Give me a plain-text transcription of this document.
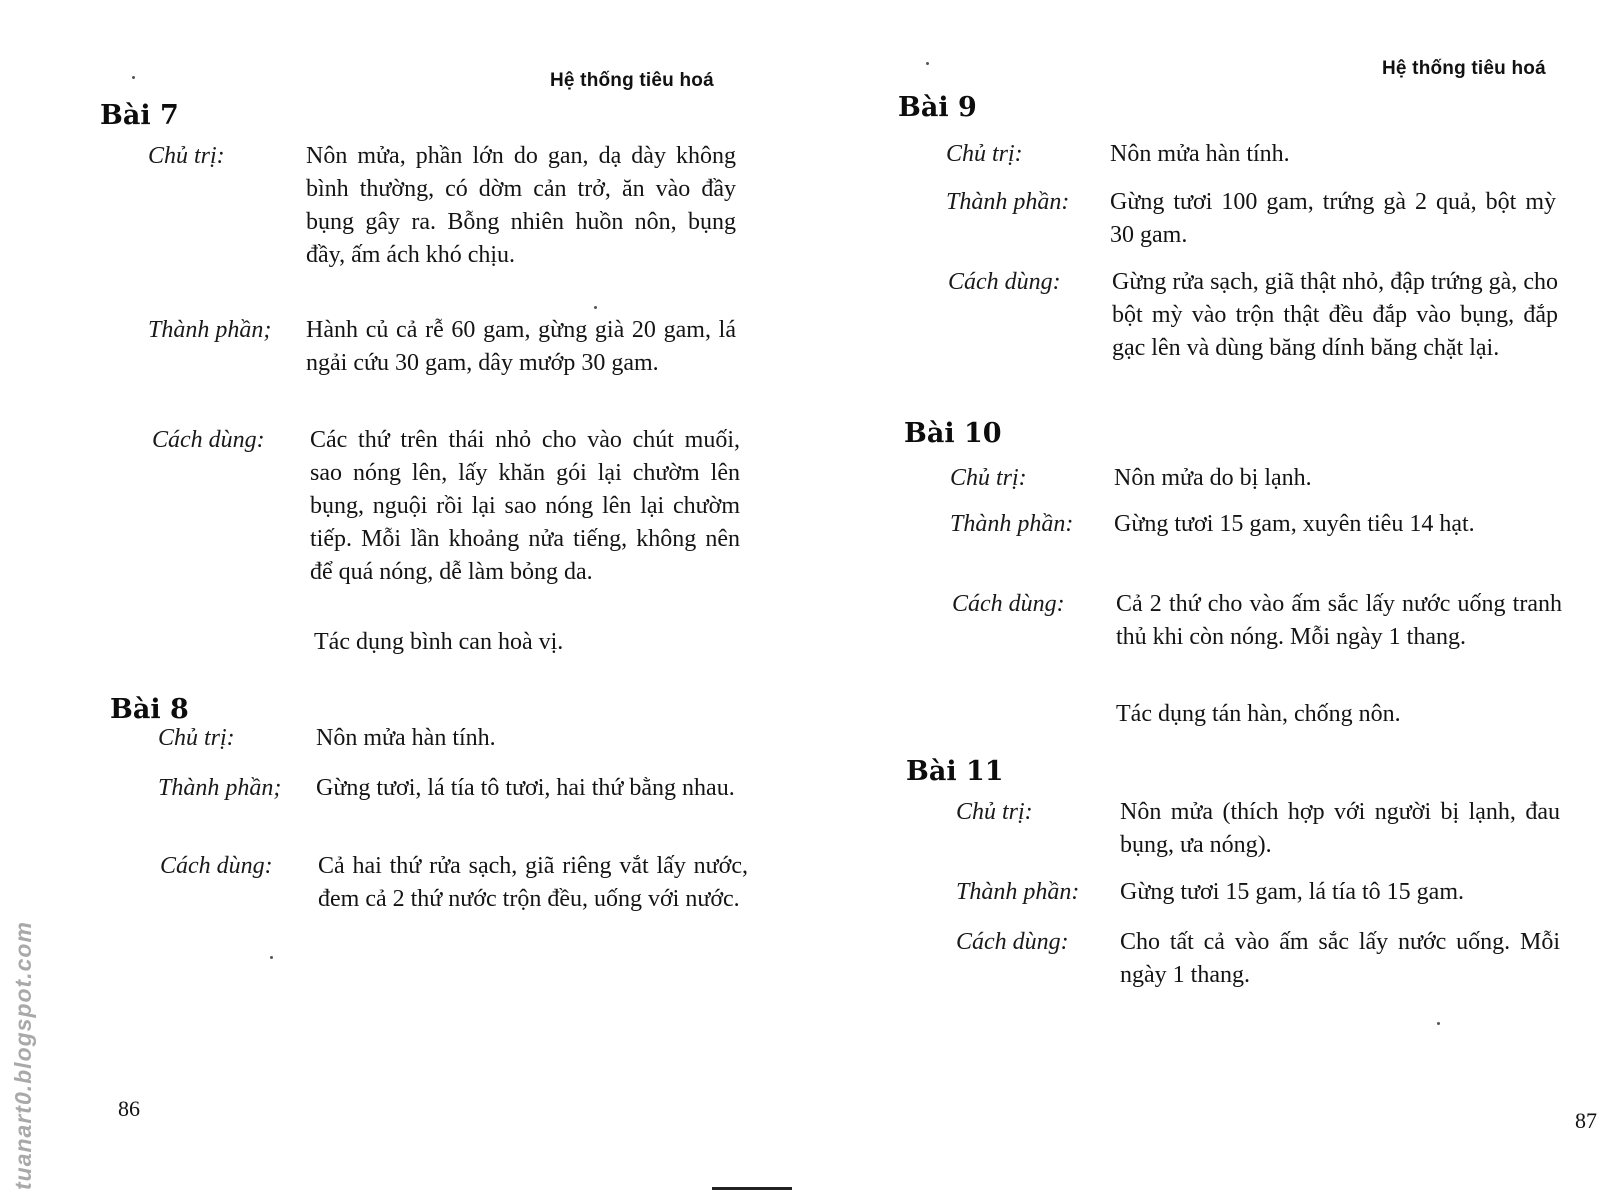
Hệ thống tiêu hoá
Bài 7
Chủ trị:	Nôn mửa, phần lớn do gan, dạ dày không bình thường, có dờm cản trở, ăn vào đầy bụng gây ra. Bỗng nhiên huồn nôn, bụng đầy, ấm ách khó chịu.
Thành phần;	Hành củ cả rễ 60 gam, gừng già 20 gam, lá ngải cứu 30 gam, dây mướp 30 gam.
Cách dùng:	Các thứ trên thái nhỏ cho vào chút muối, sao nóng lên, lấy khăn gói lại chườm lên bụng, nguội rồi lại sao nóng lên lại chườm tiếp. Mỗi lần khoảng nửa tiếng, không nên để quá nóng, dễ làm bỏng da.
Tác dụng bình can hoà vị.
Bài 8
Chủ trị:	Nôn mửa hàn tính.
Thành phần;	Gừng tươi, lá tía tô tươi, hai thứ bằng nhau.
Cách dùng:	Cả hai thứ rửa sạch, giã riêng vắt lấy nước, đem cả 2 thứ nước trộn đều, uống với nước.
86
Hệ thống tiêu hoá
Bài 9
Chủ trị:	Nôn mửa hàn tính.
Thành phần:	Gừng tươi 100 gam, trứng gà 2 quả, bột mỳ 30 gam.
Cách dùng:	Gừng rửa sạch, giã thật nhỏ, đập trứng gà, cho bột mỳ vào trộn thật đều đắp vào bụng, đắp gạc lên và dùng băng dính băng chặt lại.
Bài 10
Chủ trị:	Nôn mửa do bị lạnh.
Thành phần:	Gừng tươi 15 gam, xuyên tiêu 14 hạt.
Cách dùng:	Cả 2 thứ cho vào ấm sắc lấy nước uống tranh thủ khi còn nóng. Mỗi ngày 1 thang.
Tác dụng tán hàn, chống nôn.
Bài 11
Chủ trị:	Nôn mửa (thích hợp với người bị lạnh, đau bụng, ưa nóng).
Thành phần:	Gừng tươi 15 gam, lá tía tô 15 gam.
Cách dùng:	Cho tất cả vào ấm sắc lấy nước uống. Mỗi ngày 1 thang.
87
tuanart0.blogspot.com
